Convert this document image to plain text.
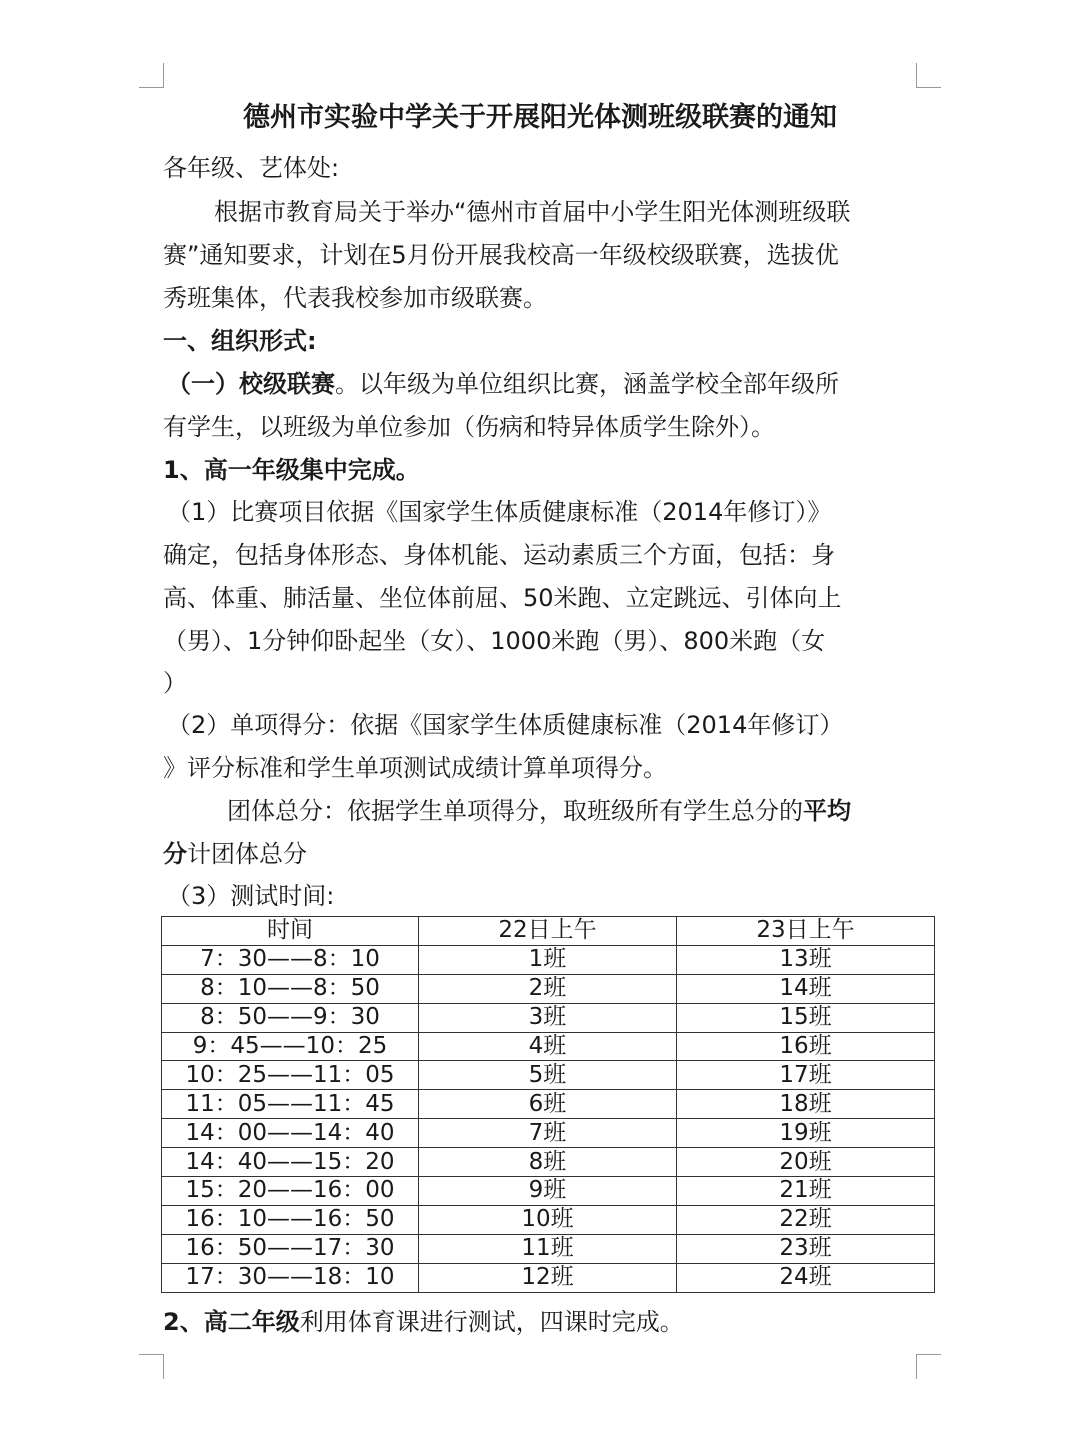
德州市实验中学关于开展阳光体测班级联赛的通知
各年级、艺体处:
根据市教育局关于举办“德州市首届中小学生阳光体测班级联
赛”通知要求，计划在5月份开展我校高一年级校级联赛，选拔优
秀班集体，代表我校参加市级联赛。
一、组织形式:
（一）校级联赛。以年级为单位组织比赛，涵盖学校全部年级所
有学生，以班级为单位参加（伤病和特异体质学生除外）。
1、高一年级集中完成。
（1）比赛项目依据《国家学生体质健康标准（2014年修订）》
确定，包括身体形态、身体机能、运动素质三个方面，包括：身
高、体重、肺活量、坐位体前屈、50米跑、立定跳远、引体向上
（男）、1分钟仰卧起坐（女）、1000米跑（男）、800米跑（女
）
（2）单项得分：依据《国家学生体质健康标准（2014年修订）
》评分标准和学生单项测试成绩计算单项得分。
团体总分：依据学生单项得分，取班级所有学生总分的平均
分计团体总分
（3）测试时间:
时间	22日上午	23日上午
7：30——8：10	1班	13班
8：10——8：50	2班	14班
8：50——9：30	3班	15班
9：45——10：25	4班	16班
10：25——11：05	5班	17班
11：05——11：45	6班	18班
14：00——14：40	7班	19班
14：40——15：20	8班	20班
15：20——16：00	9班	21班
16：10——16：50	10班	22班
16：50——17：30	11班	23班
17：30——18：10	12班	24班
2、高二年级利用体育课进行测试，四课时完成。
